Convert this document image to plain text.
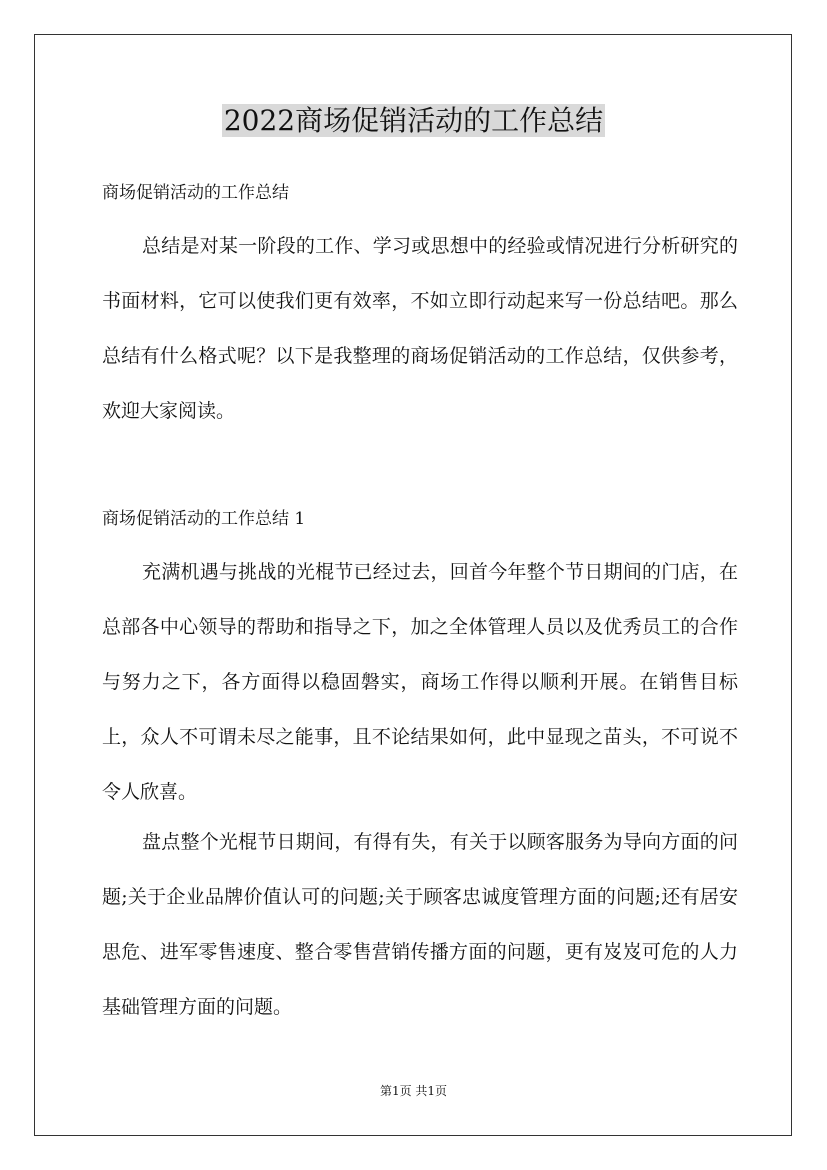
2022商场促销活动的工作总结

商场促销活动的工作总结

总结是对某一阶段的工作、学习或思想中的经验或情况进行分析研究的书面材料，它可以使我们更有效率，不如立即行动起来写一份总结吧。那么总结有什么格式呢？以下是我整理的商场促销活动的工作总结，仅供参考，欢迎大家阅读。

商场促销活动的工作总结 1

充满机遇与挑战的光棍节已经过去，回首今年整个节日期间的门店，在总部各中心领导的帮助和指导之下，加之全体管理人员以及优秀员工的合作与努力之下，各方面得以稳固磐实，商场工作得以顺利开展。在销售目标上，众人不可谓未尽之能事，且不论结果如何，此中显现之苗头，不可说不令人欣喜。

盘点整个光棍节日期间，有得有失，有关于以顾客服务为导向方面的问题;关于企业品牌价值认可的问题;关于顾客忠诚度管理方面的问题;还有居安思危、进军零售速度、整合零售营销传播方面的问题，更有岌岌可危的人力基础管理方面的问题。

第1页 共1页
